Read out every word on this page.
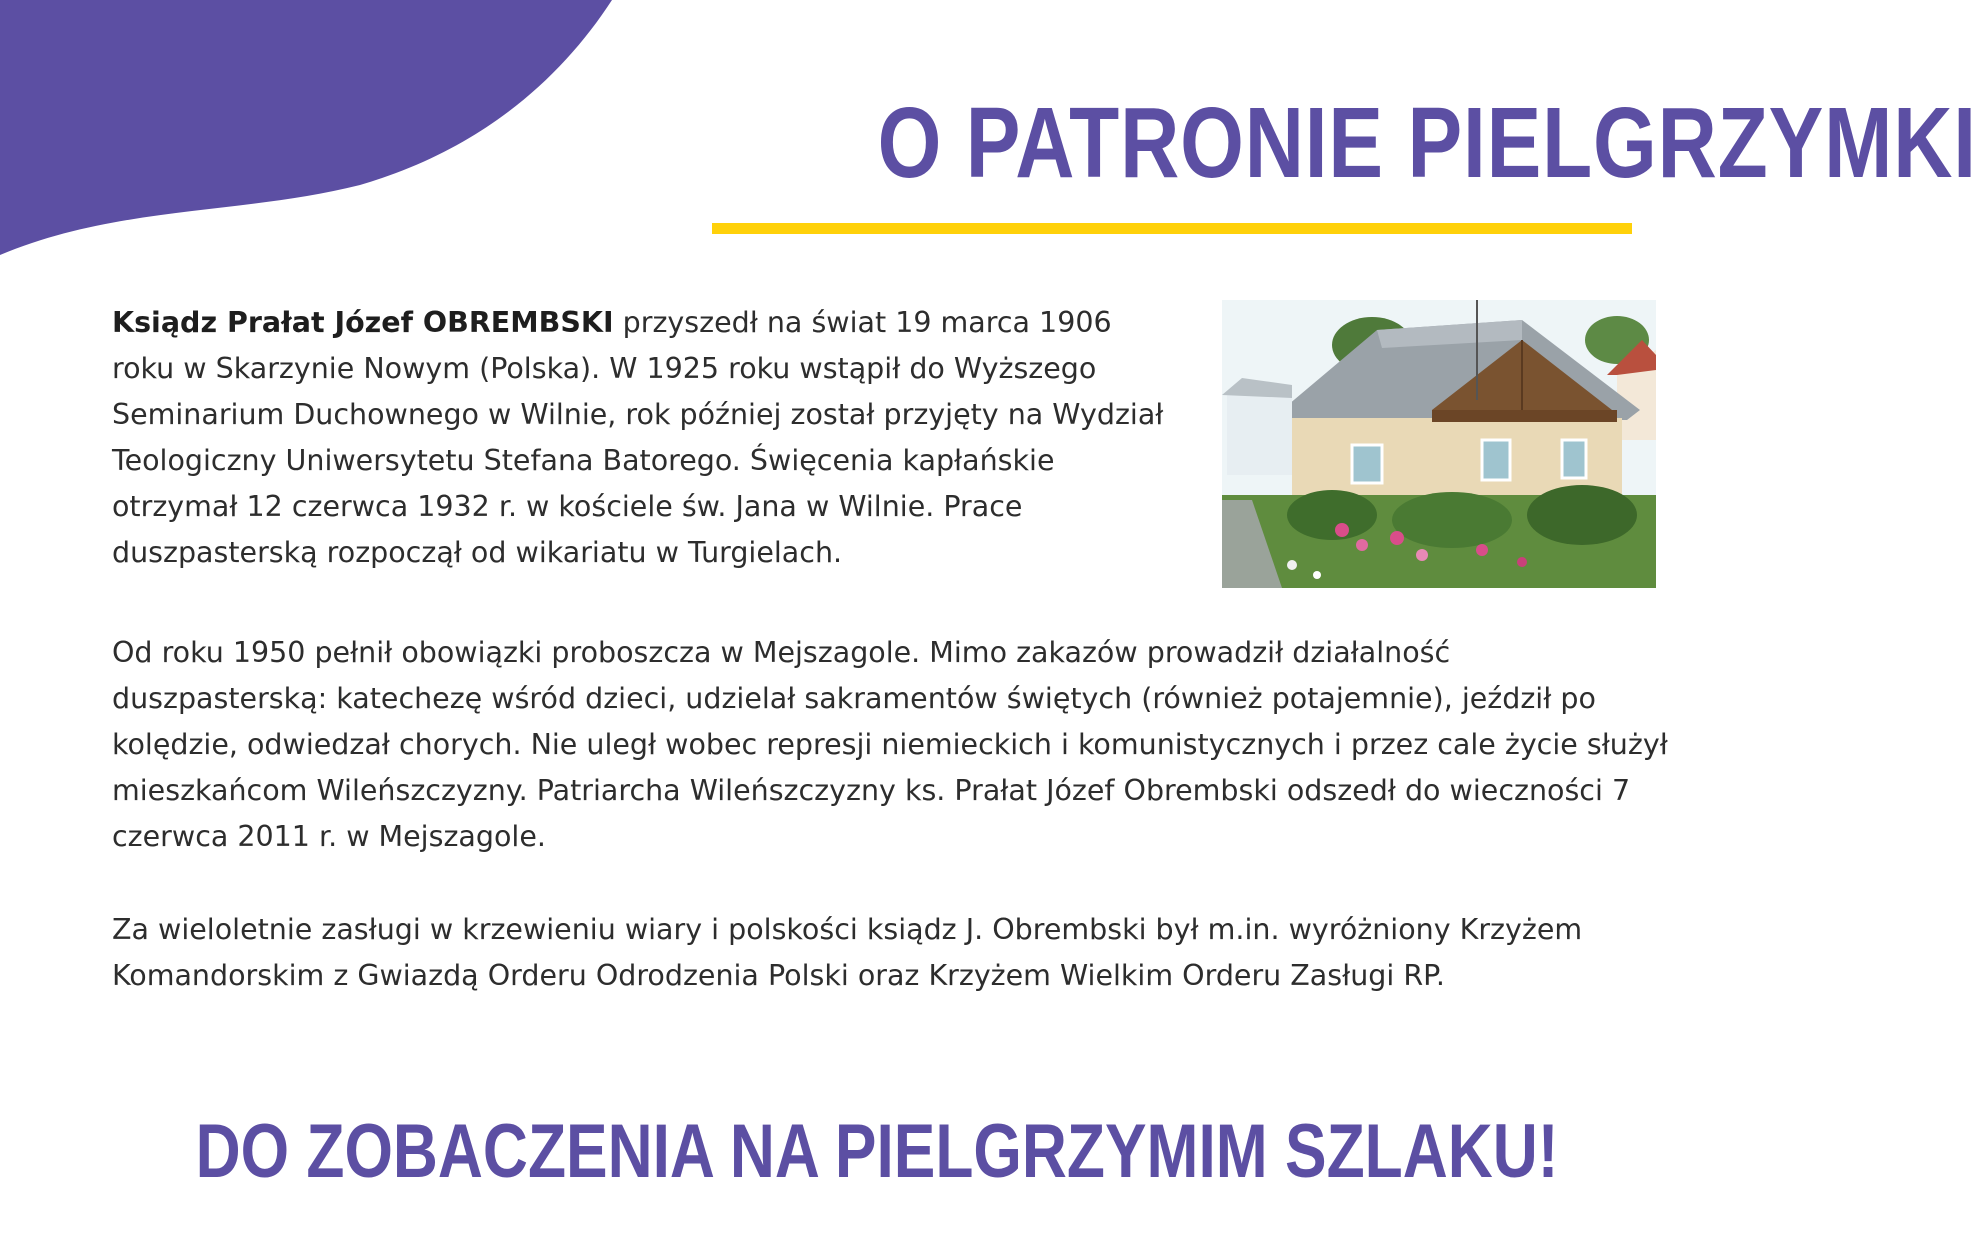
O PATRONIE PIELGRZYMKI

Ksiądz Prałat Józef OBREMBSKI przyszedł na świat 19 marca 1906 roku w Skarzynie Nowym (Polska). W 1925 roku wstąpił do Wyższego Seminarium Duchownego w Wilnie, rok później został przyjęty na Wydział Teologiczny Uniwersytetu Stefana Batorego. Święcenia kapłańskie otrzymał 12 czerwca 1932 r. w kościele św. Jana w Wilnie. Prace duszpasterską rozpoczął od wikariatu w Turgielach.

Od roku 1950 pełnił obowiązki proboszcza w Mejszagole. Mimo zakazów prowadził działalność duszpasterską: katechezę wśród dzieci, udzielał sakramentów świętych (również potajemnie), jeździł po kolędzie, odwiedzał chorych. Nie uległ wobec represji niemieckich i komunistycznych i przez cale życie służył mieszkańcom Wileńszczyzny. Patriarcha Wileńszczyzny ks. Prałat Józef Obrembski odszedł do wieczności 7 czerwca 2011 r. w Mejszagole.

Za wieloletnie zasługi w krzewieniu wiary i polskości ksiądz J. Obrembski był m.in. wyróżniony Krzyżem Komandorskim z Gwiazdą Orderu Odrodzenia Polski oraz Krzyżem Wielkim Orderu Zasługi RP.

DO ZOBACZENIA NA PIELGRZYMIM SZLAKU!
